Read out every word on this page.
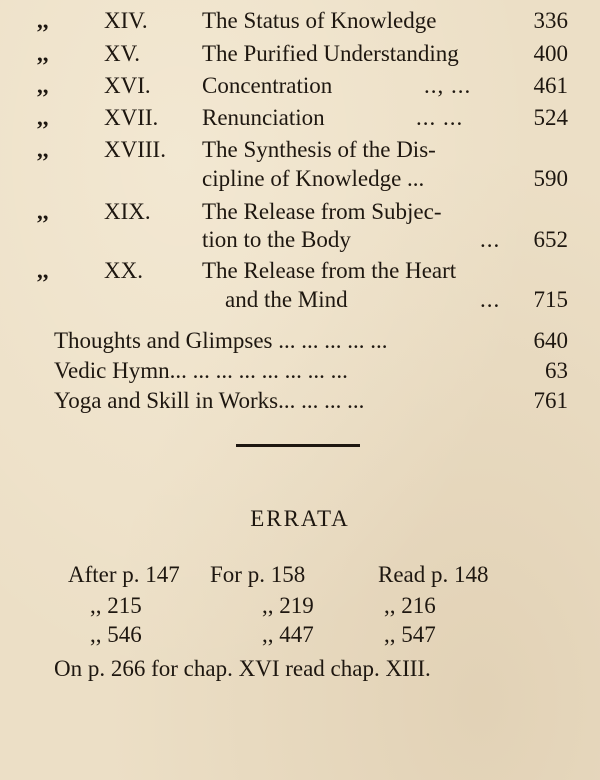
,, XIV. The Status of Knowledge	336
,, XV.	The Purified Understanding	400
,, XVI. Concentration	.., ...	461
,, XVII. Renunciation	... ...	524
,, XVIII. The Synthesis of the Dis-
cipline of Knowledge ...	590
,, XIX. The Release from Subjec-
tion to the Body	... 652
,, XX.	The Release from the Heart
and the Mind	... 715
Thoughts and Glimpses ... ... ... ... ...	640
Vedic Hymn... ... ... ... ... ... ... ...	63
Yoga and Skill in Works... ... ... ...	761
ERRATA
After p. 147 For p. 158	Read p. 148
,, 215	,, 219	,, 216
,, 546	,, 447	,, 547
On p. 266 for chap. XVI read chap. XIII.
